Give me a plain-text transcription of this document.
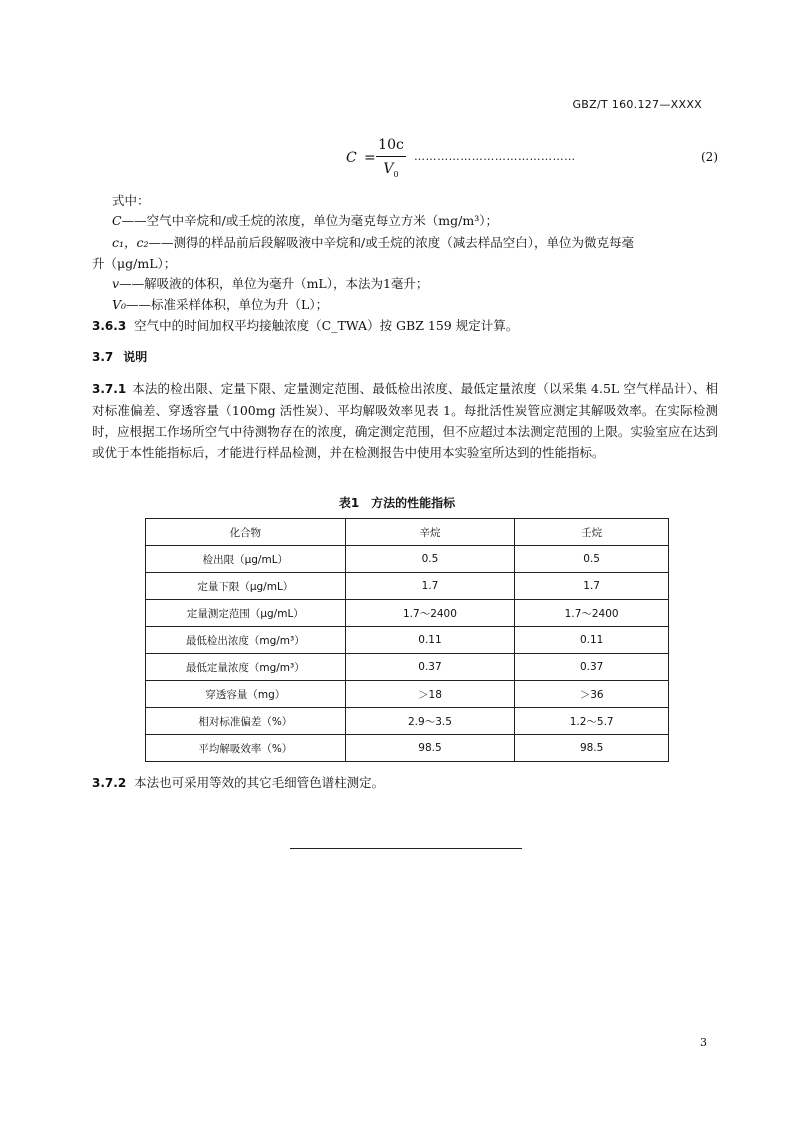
GBZ/T 160.127—XXXX
C =
10c
$V_0$
……………………………………	(2)
式中：
C——空气中辛烷和/或壬烷的浓度，单位为毫克每立方米（mg/m³）；
c₁，c₂——测得的样品前后段解吸液中辛烷和/或壬烷的浓度（减去样品空白），单位为微克每毫
升（μg/mL）；
v——解吸液的体积，单位为毫升（mL），本法为1毫升；
V₀——标准采样体积，单位为升（L）；
3.6.3 空气中的时间加权平均接触浓度（C_TWA）按 GBZ 159 规定计算。
3.7 说明
3.7.1 本法的检出限、定量下限、定量测定范围、最低检出浓度、最低定量浓度（以采集 4.5L 空气样品计）、相对标准偏差、穿透容量（100mg 活性炭）、平均解吸效率见表 1。每批活性炭管应测定其解吸效率。在实际检测时，应根据工作场所空气中待测物存在的浓度，确定测定范围，但不应超过本法测定范围的上限。实验室应在达到或优于本性能指标后，才能进行样品检测，并在检测报告中使用本实验室所达到的性能指标。
表1　方法的性能指标
化合物	辛烷	壬烷
检出限（μg/mL）	0.5	0.5
定量下限（μg/mL）	1.7	1.7
定量测定范围（μg/mL）	1.7～2400	1.7～2400
最低检出浓度（mg/m³）	0.11	0.11
最低定量浓度（mg/m³）	0.37	0.37
穿透容量（mg）	＞18	＞36
相对标准偏差（%）	2.9～3.5	1.2～5.7
平均解吸效率（%）	98.5	98.5
3.7.2 本法也可采用等效的其它毛细管色谱柱测定。
3
